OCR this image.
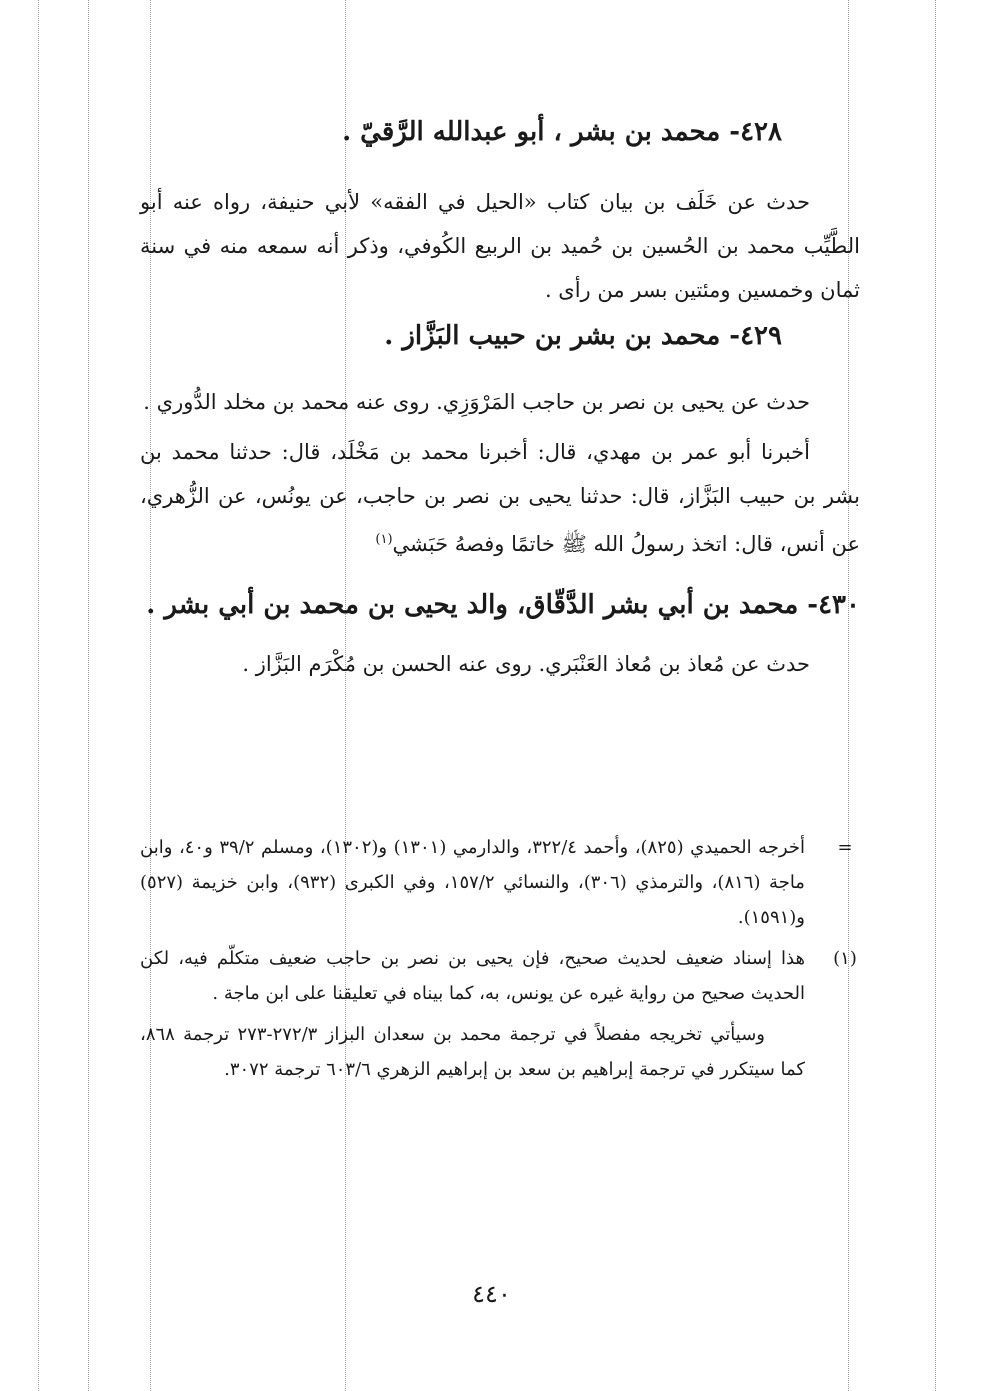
٤٢٨- محمد بن بشر ، أبو عبدالله الرَّقيّ .

حدث عن خَلَف بن بيان كتاب «الحيل في الفقه» لأبي حنيفة، رواه عنه أبو الطَّيِّب محمد بن الحُسين بن حُميد بن الربيع الكُوفي، وذكر أنه سمعه منه في سنة ثمان وخمسين ومئتين بسر من رأى .

٤٢٩- محمد بن بشر بن حبيب البَزَّاز .

حدث عن يحيى بن نصر بن حاجب المَرْوَزِي. روى عنه محمد بن مخلد الدُّوري .

أخبرنا أبو عمر بن مهدي، قال: أخبرنا محمد بن مَخْلَد، قال: حدثنا محمد بن بشر بن حبيب البَزَّاز، قال: حدثنا يحيى بن نصر بن حاجب، عن يونُس، عن الزُّهري، عن أنس، قال: اتخذ رسولُ الله ﷺ خاتمًا وفصهُ حَبَشي$^{(١)}$

٤٣٠- محمد بن أبي بشر الدَّقّاق، والد يحيى بن محمد بن أبي بشر .

حدث عن مُعاذ بن مُعاذ العَنْبَري. روى عنه الحسن بن مُكْرَم البَزَّاز .

=
أخرجه الحميدي (٨٢٥)، وأحمد ٣٢٢/٤، والدارمي (١٣٠١) و(١٣٠٢)، ومسلم ٣٩/٢ و٤٠، وابن ماجة (٨١٦)، والترمذي (٣٠٦)، والنسائي ١٥٧/٢، وفي الكبرى (٩٣٢)، وابن خزيمة (٥٢٧) و(١٥٩١).

(١)
هذا إسناد ضعيف لحديث صحيح، فإن يحيى بن نصر بن حاجب ضعيف متكلّم فيه، لكن الحديث صحيح من رواية غيره عن يونس، به، كما بيناه في تعليقنا على ابن ماجة .

وسيأتي تخريجه مفصلاً في ترجمة محمد بن سعدان البزاز ٢٧٢/٣-٢٧٣ ترجمة ٨٦٨، كما سيتكرر في ترجمة إبراهيم بن سعد بن إبراهيم الزهري ٦٠٣/٦ ترجمة ٣٠٧٢.

٤٤٠
